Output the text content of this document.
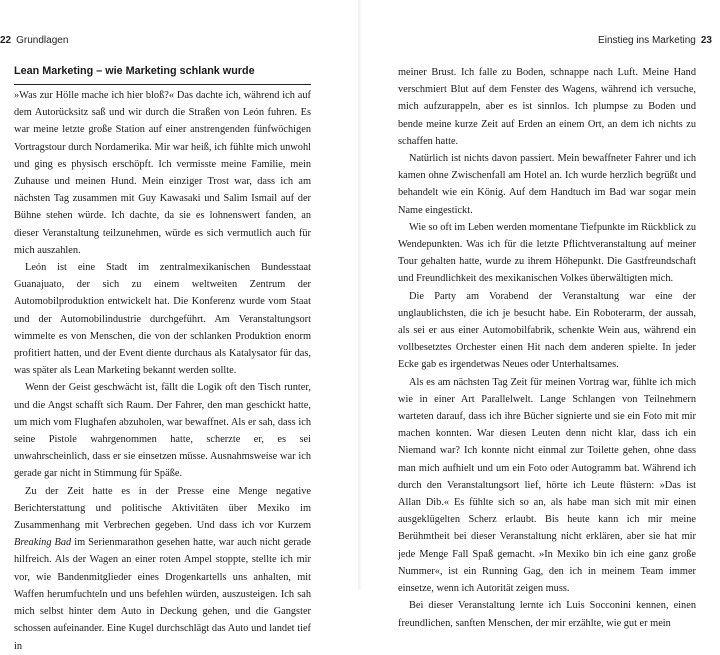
22 Grundlagen
Lean Marketing – wie Marketing schlank wurde

»Was zur Hölle mache ich hier bloß?« Das dachte ich, während ich auf dem Autorücksitz saß und wir durch die Straßen von León fuhren. Es war meine letzte große Station auf einer anstrengenden fünfwöchigen Vortragstour durch Nordamerika. Mir war heiß, ich fühlte mich unwohl und ging es physisch erschöpft. Ich vermisste meine Familie, mein Zuhause und meinen Hund. Mein einziger Trost war, dass ich am nächsten Tag zusammen mit Guy Kawasaki und Salim Ismail auf der Bühne stehen würde. Ich dachte, da sie es lohnenswert fanden, an dieser Veranstaltung teilzunehmen, würde es sich vermutlich auch für mich auszahlen.

León ist eine Stadt im zentralmexikanischen Bundesstaat Guanajuato, der sich zu einem weltweiten Zentrum der Automobilproduktion entwickelt hat. Die Konferenz wurde vom Staat und der Automobilindustrie durchgeführt. Am Veranstaltungsort wimmelte es von Menschen, die von der schlanken Produktion enorm profitiert hatten, und der Event diente durchaus als Katalysator für das, was später als Lean Marketing bekannt werden sollte.

Wenn der Geist geschwächt ist, fällt die Logik oft den Tisch runter, und die Angst schafft sich Raum. Der Fahrer, den man geschickt hatte, um mich vom Flughafen abzuholen, war bewaffnet. Als er sah, dass ich seine Pistole wahrgenommen hatte, scherzte er, es sei unwahrscheinlich, dass er sie einsetzen müsse. Ausnahmsweise war ich gerade gar nicht in Stimmung für Späße.

Zu der Zeit hatte es in der Presse eine Menge negative Berichterstattung und politische Aktivitäten über Mexiko im Zusammenhang mit Verbrechen gegeben. Und dass ich vor Kurzem Breaking Bad im Serienmarathon gesehen hatte, war auch nicht gerade hilfreich. Als der Wagen an einer roten Ampel stoppte, stellte ich mir vor, wie Bandenmitglieder eines Drogenkartells uns anhalten, mit Waffen herumfuchteln und uns befehlen würden, auszusteigen. Ich sah mich selbst hinter dem Auto in Deckung gehen, und die Gangster schossen aufeinander. Eine Kugel durchschlägt das Auto und landet tief in

Einstieg ins Marketing 23

meiner Brust. Ich falle zu Boden, schnappe nach Luft. Meine Hand verschmiert Blut auf dem Fenster des Wagens, während ich versuche, mich aufzurappeln, aber es ist sinnlos. Ich plumpse zu Boden und bende meine kurze Zeit auf Erden an einem Ort, an dem ich nichts zu schaffen hatte.

Natürlich ist nichts davon passiert. Mein bewaffneter Fahrer und ich kamen ohne Zwischenfall am Hotel an. Ich wurde herzlich begrüßt und behandelt wie ein König. Auf dem Handtuch im Bad war sogar mein Name eingestickt.

Wie so oft im Leben werden momentane Tiefpunkte im Rückblick zu Wendepunkten. Was ich für die letzte Pflichtveranstaltung auf meiner Tour gehalten hatte, wurde zu ihrem Höhepunkt. Die Gastfreundschaft und Freundlichkeit des mexikanischen Volkes überwältigten mich.

Die Party am Vorabend der Veranstaltung war eine der unglaublichsten, die ich je besucht habe. Ein Roboterarm, der aussah, als sei er aus einer Automobilfabrik, schenkte Wein aus, während ein vollbesetztes Orchester einen Hit nach dem anderen spielte. In jeder Ecke gab es irgendetwas Neues oder Unterhaltsames.

Als es am nächsten Tag Zeit für meinen Vortrag war, fühlte ich mich wie in einer Art Parallelwelt. Lange Schlangen von Teilnehmern warteten darauf, dass ich ihre Bücher signierte und sie ein Foto mit mir machen konnten. War diesen Leuten denn nicht klar, dass ich ein Niemand war? Ich konnte nicht einmal zur Toilette gehen, ohne dass man mich aufhielt und um ein Foto oder Autogramm bat. Während ich durch den Veranstaltungsort lief, hörte ich Leute flüstern: »Das ist Allan Dib.« Es fühlte sich so an, als habe man sich mit mir einen ausgeklügelten Scherz erlaubt. Bis heute kann ich mir meine Berühmtheit bei dieser Veranstaltung nicht erklären, aber sie hat mir jede Menge Fall Spaß gemacht. »In Mexiko bin ich eine ganz große Nummer«, ist ein Running Gag, den ich in meinem Team immer einsetze, wenn ich Autorität zeigen muss.

Bei dieser Veranstaltung lernte ich Luis Socconini kennen, einen freundlichen, sanften Menschen, der mir erzählte, wie gut er mein
